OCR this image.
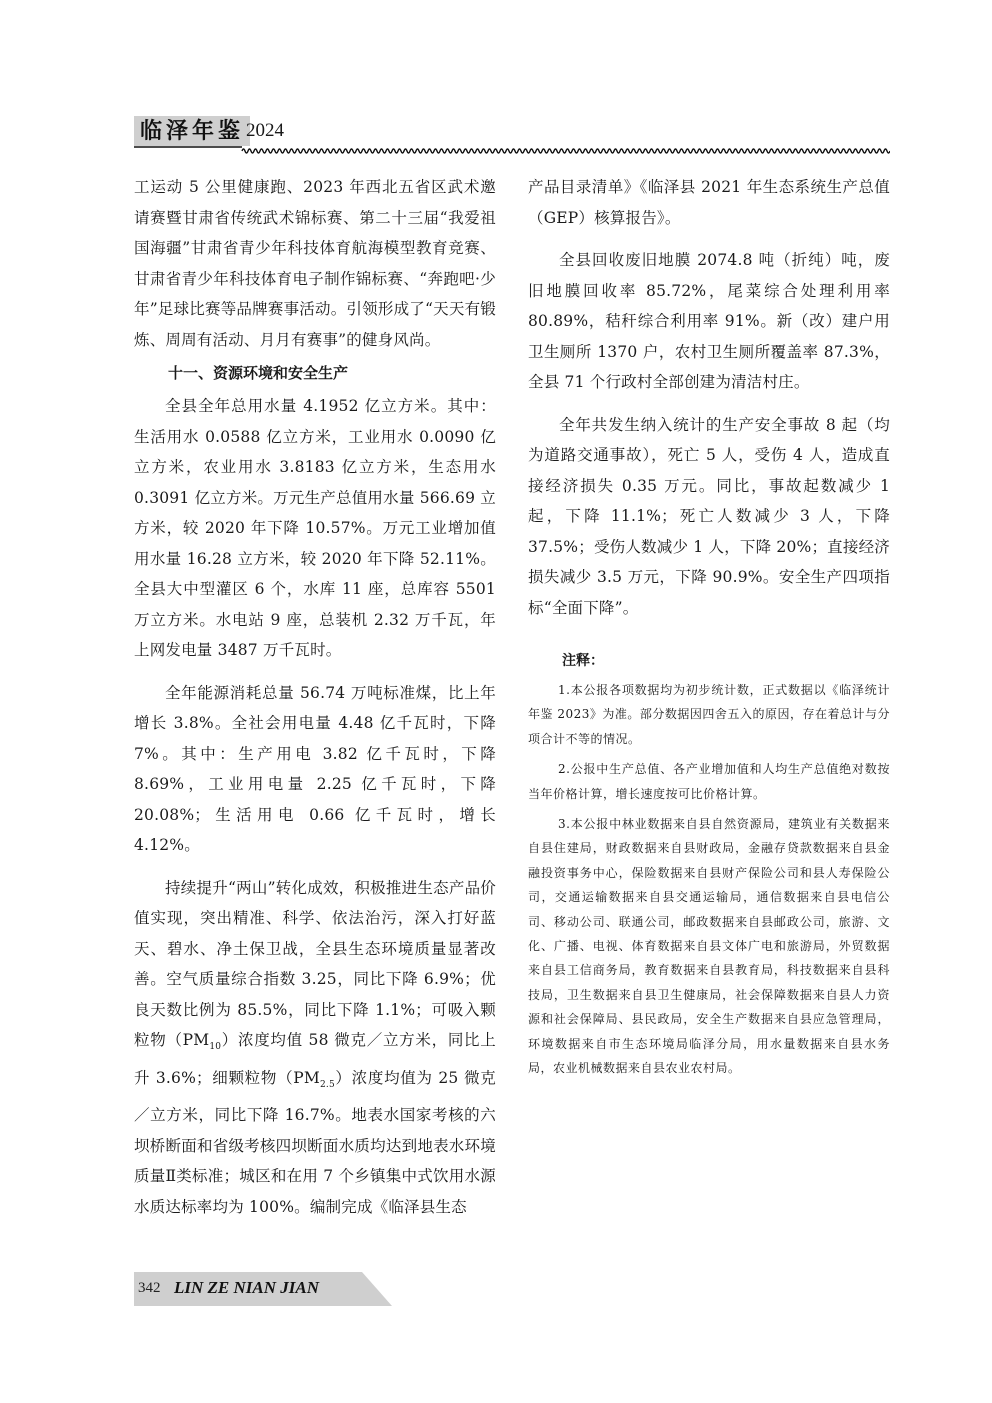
临泽年鉴 2024

工运动 5 公里健康跑、2023 年西北五省区武术邀请赛暨甘肃省传统武术锦标赛、第二十三届“我爱祖国海疆”甘肃省青少年科技体育航海模型教育竞赛、甘肃省青少年科技体育电子制作锦标赛、“奔跑吧·少年”足球比赛等品牌赛事活动。引领形成了“天天有锻炼、周周有活动、月月有赛事”的健身风尚。

十一、资源环境和安全生产

全县全年总用水量 4.1952 亿立方米。其中：生活用水 0.0588 亿立方米，工业用水 0.0090 亿立方米，农业用水 3.8183 亿立方米，生态用水 0.3091 亿立方米。万元生产总值用水量 566.69 立方米，较 2020 年下降 10.57%。万元工业增加值用水量 16.28 立方米，较 2020 年下降 52.11%。全县大中型灌区 6 个，水库 11 座，总库容 5501 万立方米。水电站 9 座，总装机 2.32 万千瓦，年上网发电量 3487 万千瓦时。

全年能源消耗总量 56.74 万吨标准煤，比上年增长 3.8%。全社会用电量 4.48 亿千瓦时，下降 7%。其中：生产用电 3.82 亿千瓦时，下降 8.69%，工业用电量 2.25 亿千瓦时，下降 20.08%；生活用电 0.66 亿千瓦时，增长 4.12%。

持续提升“两山”转化成效，积极推进生态产品价值实现，突出精准、科学、依法治污，深入打好蓝天、碧水、净土保卫战，全县生态环境质量显著改善。空气质量综合指数 3.25，同比下降 6.9%；优良天数比例为 85.5%，同比下降 1.1%；可吸入颗粒物$(PM_{10})$浓度均值 58 微克／立方米，同比上升 3.6%；细颗粒物$(PM_{2.5})$浓度均值为 25 微克／立方米，同比下降 16.7%。地表水国家考核的六坝桥断面和省级考核四坝断面水质均达到地表水环境质量Ⅱ类标准；城区和在用 7 个乡镇集中式饮用水源水质达标率均为 100%。编制完成《临泽县生态

产品目录清单》《临泽县 2021 年生态系统生产总值（GEP）核算报告》。

全县回收废旧地膜 2074.8 吨（折纯）吨，废旧地膜回收率 85.72%，尾菜综合处理利用率 80.89%，秸秆综合利用率 91%。新（改）建户用卫生厕所 1370 户，农村卫生厕所覆盖率 87.3%，全县 71 个行政村全部创建为清洁村庄。

全年共发生纳入统计的生产安全事故 8 起（均为道路交通事故），死亡 5 人，受伤 4 人，造成直接经济损失 0.35 万元。同比，事故起数减少 1 起，下降 11.1%；死亡人数减少 3 人，下降 37.5%；受伤人数减少 1 人，下降 20%；直接经济损失减少 3.5 万元，下降 90.9%。安全生产四项指标“全面下降”。

注释：

1.本公报各项数据均为初步统计数，正式数据以《临泽统计年鉴 2023》为准。部分数据因四舍五入的原因，存在着总计与分项合计不等的情况。

2.公报中生产总值、各产业增加值和人均生产总值绝对数按当年价格计算，增长速度按可比价格计算。

3.本公报中林业数据来自县自然资源局，建筑业有关数据来自县住建局，财政数据来自县财政局，金融存贷款数据来自县金融投资事务中心，保险数据来自县财产保险公司和县人寿保险公司，交通运输数据来自县交通运输局，通信数据来自县电信公司、移动公司、联通公司，邮政数据来自县邮政公司，旅游、文化、广播、电视、体育数据来自县文体广电和旅游局，外贸数据来自县工信商务局，教育数据来自县教育局，科技数据来自县科技局，卫生数据来自县卫生健康局，社会保障数据来自县人力资源和社会保障局、县民政局，安全生产数据来自县应急管理局，环境数据来自市生态环境局临泽分局，用水量数据来自县水务局，农业机械数据来自县农业农村局。

342 LIN ZE NIAN JIAN
